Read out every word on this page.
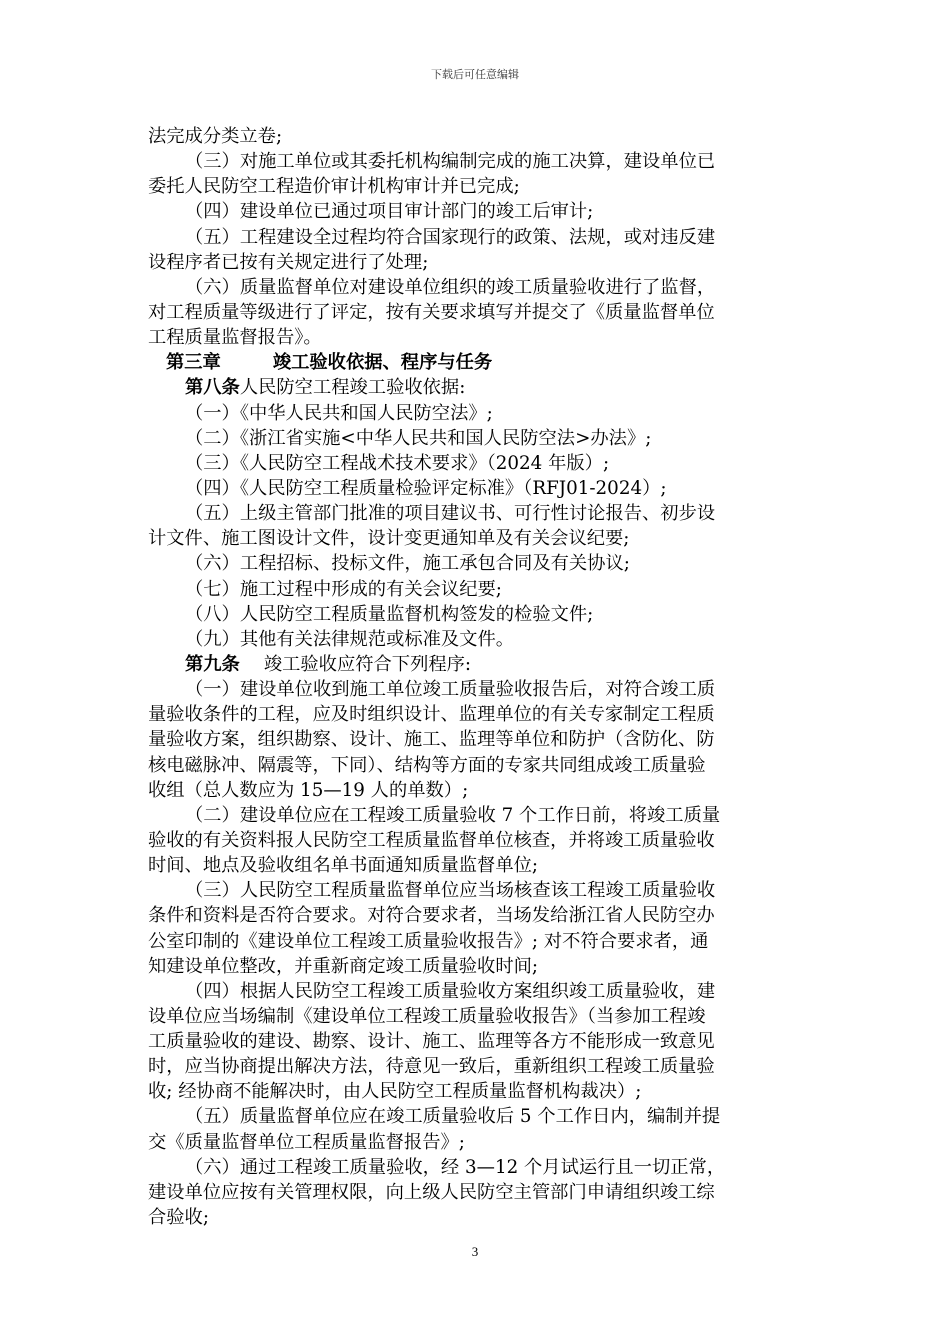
下载后可任意编辑
法完成分类立卷;
（三）对施工单位或其委托机构编制完成的施工决算，建设单位已
委托人民防空工程造价审计机构审计并已完成;
（四）建设单位已通过项目审计部门的竣工后审计;
（五）工程建设全过程均符合国家现行的政策、法规，或对违反建
设程序者已按有关规定进行了处理;
（六）质量监督单位对建设单位组织的竣工质量验收进行了监督，
对工程质量等级进行了评定，按有关要求填写并提交了《质量监督单位
工程质量监督报告》。
第三章	竣工验收依据、程序与任务
第八条人民防空工程竣工验收依据:
（一）《中华人民共和国人民防空法》;
（二）《浙江省实施<中华人民共和国人民防空法>办法》;
（三）《人民防空工程战术技术要求》（2024 年版）;
（四）《人民防空工程质量检验评定标准》（RFJ01-2024）;
（五）上级主管部门批准的项目建议书、可行性讨论报告、初步设
计文件、施工图设计文件，设计变更通知单及有关会议纪要;
（六）工程招标、投标文件，施工承包合同及有关协议;
（七）施工过程中形成的有关会议纪要;
（八）人民防空工程质量监督机构签发的检验文件;
（九）其他有关法律规范或标准及文件。
第九条 竣工验收应符合下列程序:
（一）建设单位收到施工单位竣工质量验收报告后，对符合竣工质
量验收条件的工程，应及时组织设计、监理单位的有关专家制定工程质
量验收方案，组织勘察、设计、施工、监理等单位和防护（含防化、防
核电磁脉冲、隔震等，下同）、结构等方面的专家共同组成竣工质量验
收组（总人数应为 15—19 人的单数）;
（二）建设单位应在工程竣工质量验收 7 个工作日前，将竣工质量
验收的有关资料报人民防空工程质量监督单位核查，并将竣工质量验收
时间、地点及验收组名单书面通知质量监督单位;
（三）人民防空工程质量监督单位应当场核查该工程竣工质量验收
条件和资料是否符合要求。对符合要求者，当场发给浙江省人民防空办
公室印制的《建设单位工程竣工质量验收报告》; 对不符合要求者，通
知建设单位整改，并重新商定竣工质量验收时间;
（四）根据人民防空工程竣工质量验收方案组织竣工质量验收，建
设单位应当场编制《建设单位工程竣工质量验收报告》（当参加工程竣
工质量验收的建设、勘察、设计、施工、监理等各方不能形成一致意见
时，应当协商提出解决方法，待意见一致后，重新组织工程竣工质量验
收; 经协商不能解决时，由人民防空工程质量监督机构裁决）;
（五）质量监督单位应在竣工质量验收后 5 个工作日内，编制并提
交《质量监督单位工程质量监督报告》;
（六）通过工程竣工质量验收，经 3—12 个月试运行且一切正常，
建设单位应按有关管理权限，向上级人民防空主管部门申请组织竣工综
合验收;
3
